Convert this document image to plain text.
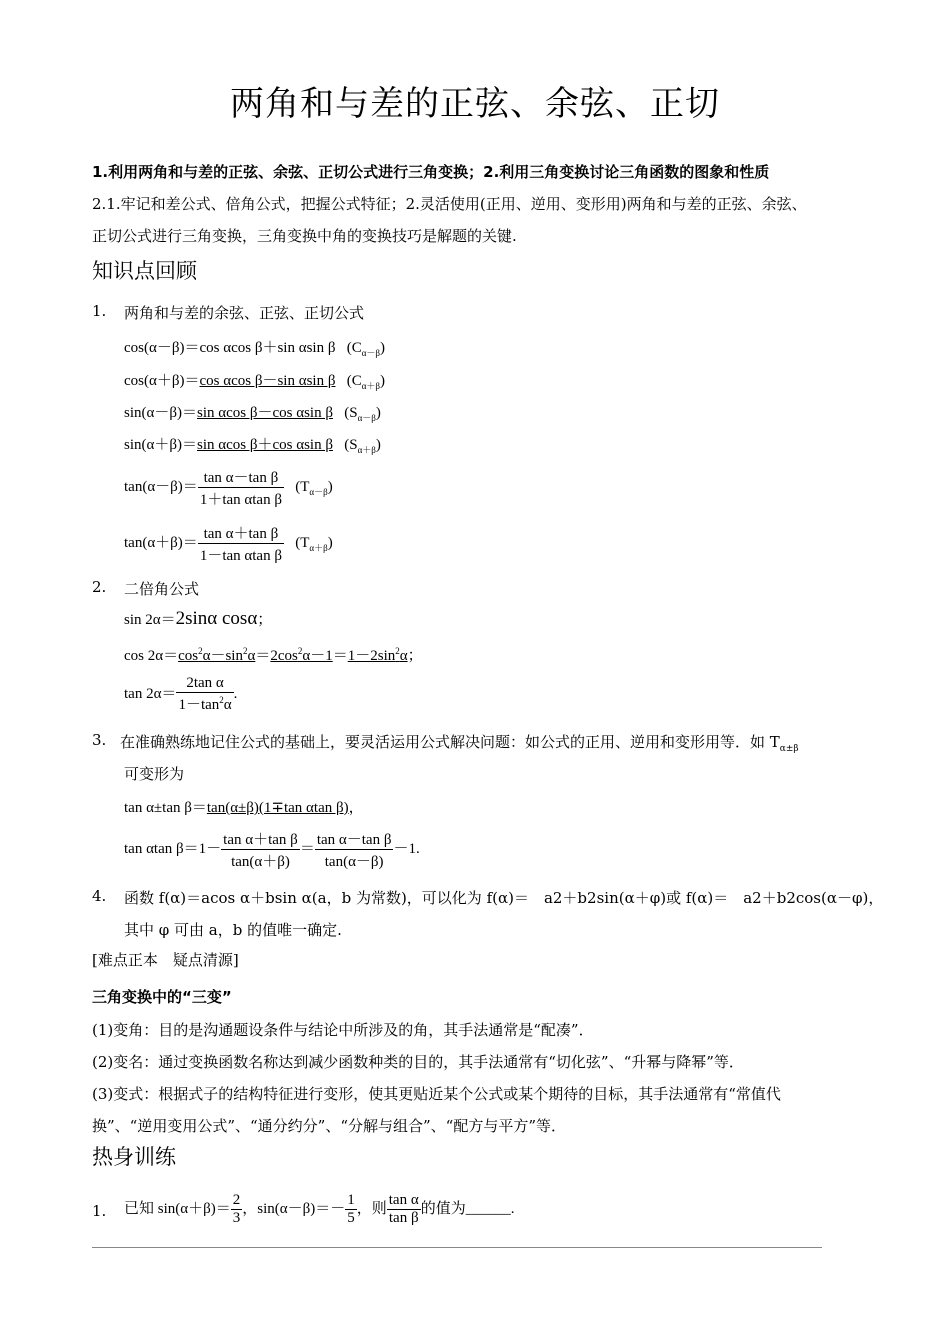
两角和与差的正弦、余弦、正切
1.利用两角和与差的正弦、余弦、正切公式进行三角变换；2.利用三角变换讨论三角函数的图象和性质
2.1.牢记和差公式、倍角公式，把握公式特征；2.灵活使用(正用、逆用、变形用)两角和与差的正弦、余弦、
正切公式进行三角变换，三角变换中角的变换技巧是解题的关键.
知识点回顾
1. 两角和与差的余弦、正弦、正切公式
cos(α－β)＝cos αcos β＋sin αsin β $(C_{\alpha-\beta})$
cos(α＋β)＝cos αcos β－sin αsin β $(C_{\alpha+\beta})$
sin(α－β)＝sin αcos β－cos αsin β $(S_{\alpha-\beta})$
sin(α＋β)＝sin αcos β＋cos αsin β $(S_{\alpha+\beta})$
$\tan(\alpha-\beta)= \frac{\text{tan α－tan β}}{\text{1＋tan αtan β}} (T_{\alpha-\beta})$
$\tan(\alpha+\beta)= \frac{\text{tan α＋tan β}}{\text{1－tan αtan β}} (T_{\alpha+\beta})$
2. 二倍角公式
sin 2α＝2sinα cosα；
$\cos 2\alpha=\cos^2\alpha-\sin^2\alpha=2\cos^2\alpha-1=1-2\sin^2\alpha$；
$\tan 2\alpha= \frac{\text{2tan α}}{1-\tan^2\alpha}$ .
3. 在准确熟练地记住公式的基础上，要灵活运用公式解决问题：如公式的正用、逆用和变形用等．如 $T_{\alpha\pm\beta}$
可变形为
tan α±tan β＝tan(α±β)(1∓tan αtan β)，
tan αtan $\beta=1- \frac{\text{tan α＋tan β}}{\tan(\alpha+\beta)} = \frac{\text{tan α－tan β}}{\tan(\alpha-\beta)} -1$.
4. 函数 f(α)＝acos α＋bsin α(a，b 为常数)，可以化为 f(α)＝　a2＋b2sin(α＋φ)或 f(α)＝　a2＋b2cos(α－φ)，
其中 φ 可由 a，b 的值唯一确定.
[难点正本　疑点清源]
三角变换中的“三变”
(1)变角：目的是沟通题设条件与结论中所涉及的角，其手法通常是“配凑”．
(2)变名：通过变换函数名称达到减少函数种类的目的，其手法通常有“切化弦”、“升幂与降幂”等．
(3)变式：根据式子的结构特征进行变形，使其更贴近某个公式或某个期待的目标，其手法通常有“常值代
换”、“逆用变用公式”、“通分约分”、“分解与组合”、“配方与平方”等．
热身训练
1. 已知 $\sin(\alpha+\beta)= \frac{2}{3}$ ，$\sin(\alpha-\beta)=- \frac{1}{5}$ ，则 $\frac{\text{tan α}}{\text{tan β}}$ 的值为______.
